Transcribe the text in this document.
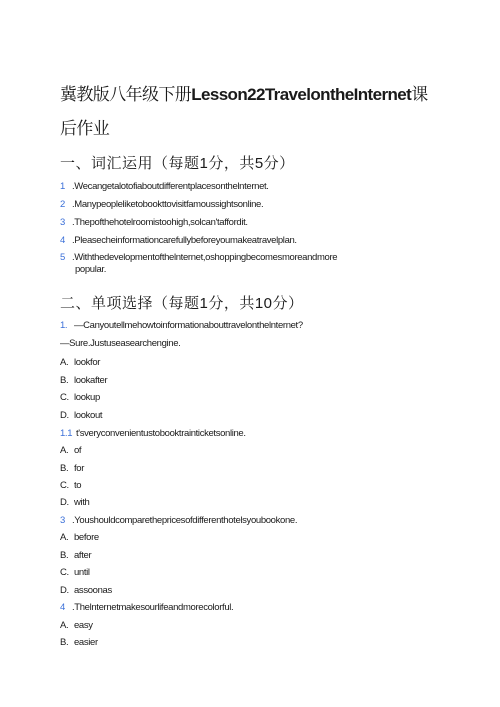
冀教版八年级下册Lesson22TravelontheInternet课
后作业
一、词汇运用（每题1分，共5分）
1 .Wecangetalotofiaboutdifferentplacesonthelnternet.
2 .Manypeopleliketobookttovisitfamoussightsonline.
3 .Thepofthehotelroomistoohigh,solcan'taffordit.
4 .Pleasecheinformationcarefullybeforeyoumakeatravelplan.
5 .Withthedevelopmentofthelnternet,oshoppingbecomesmoreandmore
popular.
二、单项选择（每题1分，共10分）
1. —Canyoutellmehowtoinformationabouttravelonthelnternet?
—Sure.Justuseasearchengine.
A. lookfor
B. lookafter
C. lookup
D. lookout
1.1 t'sveryconvenientustobooktrainticketsonline.
A. of
B. for
C. to
D. with
3 .Youshouldcomparethepricesofdifferenthotelsyoubookone.
A. before
B. after
C. until
D. assoonas
4 .Thelnternetmakesourlifeandmorecolorful.
A. easy
B. easier
